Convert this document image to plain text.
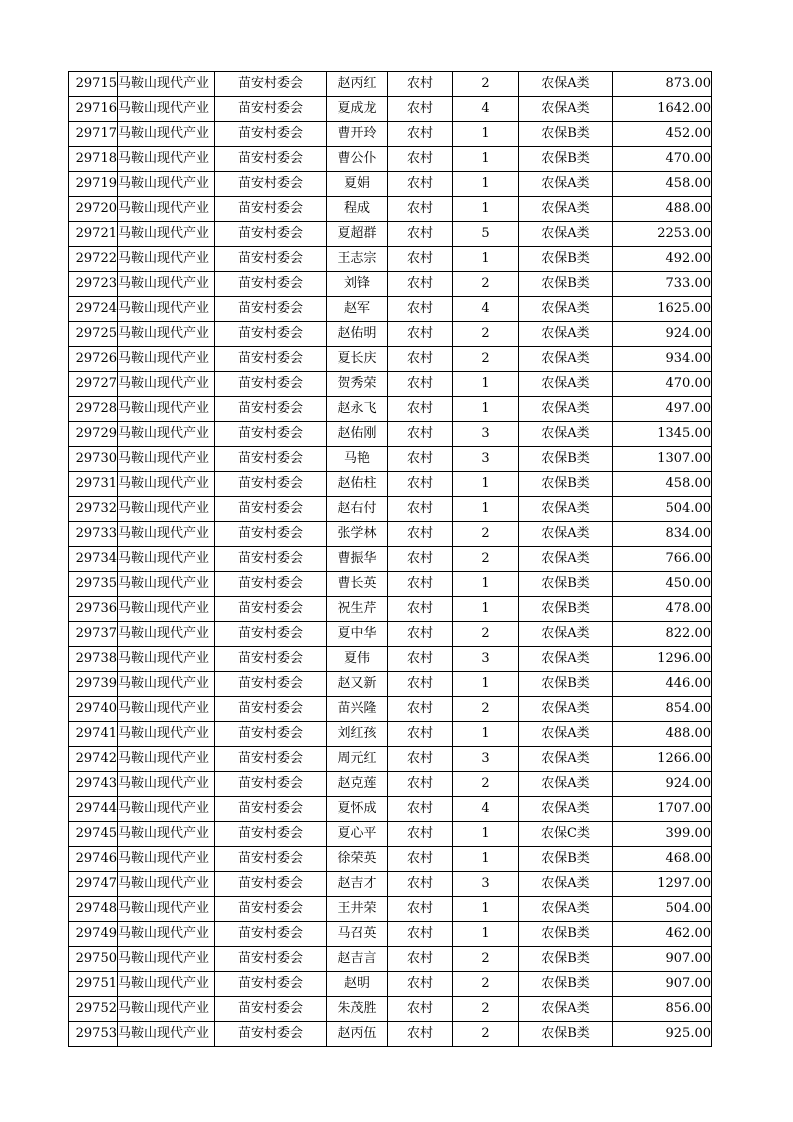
29715	马鞍山现代产业	苗安村委会	赵丙红	农村	2	农保A类	873.00
29716	马鞍山现代产业	苗安村委会	夏成龙	农村	4	农保A类	1642.00
29717	马鞍山现代产业	苗安村委会	曹开玲	农村	1	农保B类	452.00
29718	马鞍山现代产业	苗安村委会	曹公仆	农村	1	农保B类	470.00
29719	马鞍山现代产业	苗安村委会	夏娟	农村	1	农保A类	458.00
29720	马鞍山现代产业	苗安村委会	程成	农村	1	农保A类	488.00
29721	马鞍山现代产业	苗安村委会	夏超群	农村	5	农保A类	2253.00
29722	马鞍山现代产业	苗安村委会	王志宗	农村	1	农保B类	492.00
29723	马鞍山现代产业	苗安村委会	刘锋	农村	2	农保B类	733.00
29724	马鞍山现代产业	苗安村委会	赵军	农村	4	农保A类	1625.00
29725	马鞍山现代产业	苗安村委会	赵佑明	农村	2	农保A类	924.00
29726	马鞍山现代产业	苗安村委会	夏长庆	农村	2	农保A类	934.00
29727	马鞍山现代产业	苗安村委会	贺秀荣	农村	1	农保A类	470.00
29728	马鞍山现代产业	苗安村委会	赵永飞	农村	1	农保A类	497.00
29729	马鞍山现代产业	苗安村委会	赵佑刚	农村	3	农保A类	1345.00
29730	马鞍山现代产业	苗安村委会	马艳	农村	3	农保B类	1307.00
29731	马鞍山现代产业	苗安村委会	赵佑柱	农村	1	农保B类	458.00
29732	马鞍山现代产业	苗安村委会	赵右付	农村	1	农保A类	504.00
29733	马鞍山现代产业	苗安村委会	张学林	农村	2	农保A类	834.00
29734	马鞍山现代产业	苗安村委会	曹振华	农村	2	农保A类	766.00
29735	马鞍山现代产业	苗安村委会	曹长英	农村	1	农保B类	450.00
29736	马鞍山现代产业	苗安村委会	祝生芹	农村	1	农保B类	478.00
29737	马鞍山现代产业	苗安村委会	夏中华	农村	2	农保A类	822.00
29738	马鞍山现代产业	苗安村委会	夏伟	农村	3	农保A类	1296.00
29739	马鞍山现代产业	苗安村委会	赵又新	农村	1	农保B类	446.00
29740	马鞍山现代产业	苗安村委会	苗兴隆	农村	2	农保A类	854.00
29741	马鞍山现代产业	苗安村委会	刘红孩	农村	1	农保A类	488.00
29742	马鞍山现代产业	苗安村委会	周元红	农村	3	农保A类	1266.00
29743	马鞍山现代产业	苗安村委会	赵克莲	农村	2	农保A类	924.00
29744	马鞍山现代产业	苗安村委会	夏怀成	农村	4	农保A类	1707.00
29745	马鞍山现代产业	苗安村委会	夏心平	农村	1	农保C类	399.00
29746	马鞍山现代产业	苗安村委会	徐荣英	农村	1	农保B类	468.00
29747	马鞍山现代产业	苗安村委会	赵吉才	农村	3	农保A类	1297.00
29748	马鞍山现代产业	苗安村委会	王井荣	农村	1	农保A类	504.00
29749	马鞍山现代产业	苗安村委会	马召英	农村	1	农保B类	462.00
29750	马鞍山现代产业	苗安村委会	赵吉言	农村	2	农保B类	907.00
29751	马鞍山现代产业	苗安村委会	赵明	农村	2	农保B类	907.00
29752	马鞍山现代产业	苗安村委会	朱茂胜	农村	2	农保A类	856.00
29753	马鞍山现代产业	苗安村委会	赵丙伍	农村	2	农保B类	925.00
